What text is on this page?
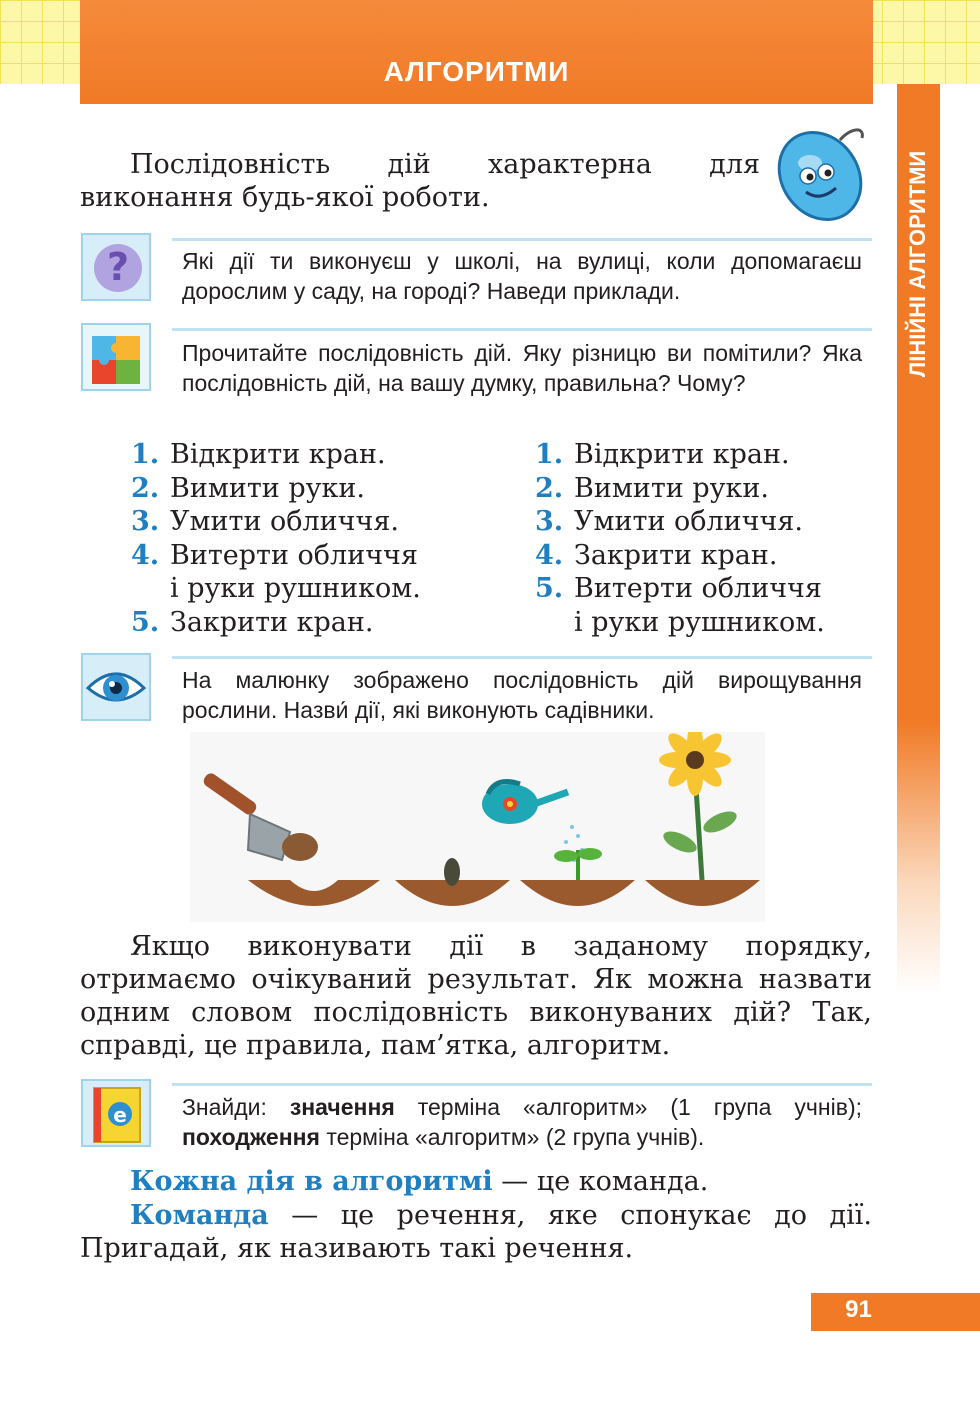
АЛГОРИТМИ
ЛІНІЙНІ АЛГОРИТМИ
Послідовність дій характерна для виконання будь-якої роботи.
? Які дії ти виконуєш у школі, на вулиці, коли допомагаєш дорослим у саду, на городі? Наведи приклади.
Прочитайте послідовність дій. Яку різницю ви помітили? Яка послідовність дій, на вашу думку, правильна? Чому?
1. Відкрити кран.
2. Вимити руки.
3. Умити обличчя.
4. Витерти обличчя
і руки рушником.
5. Закрити кран.
1. Відкрити кран.
2. Вимити руки.
3. Умити обличчя.
4. Закрити кран.
5. Витерти обличчя
і руки рушником.
На малюнку зображено послідовність дій вирощування рослини. Назви́ дії, які виконують садівники.
Якщо виконувати дії в заданому порядку, отримаємо очікуваний результат. Як можна назвати одним словом послідовність виконуваних дій? Так, справді, це правила, пам’ятка, алгоритм.
e Знайди: значення терміна «алгоритм» (1 група учнів); походження терміна «алгоритм» (2 група учнів).
Кожна дія в алгоритмі — це команда.
Команда — це речення, яке спонукає до дії. Пригадай, як називають такі речення.
91
